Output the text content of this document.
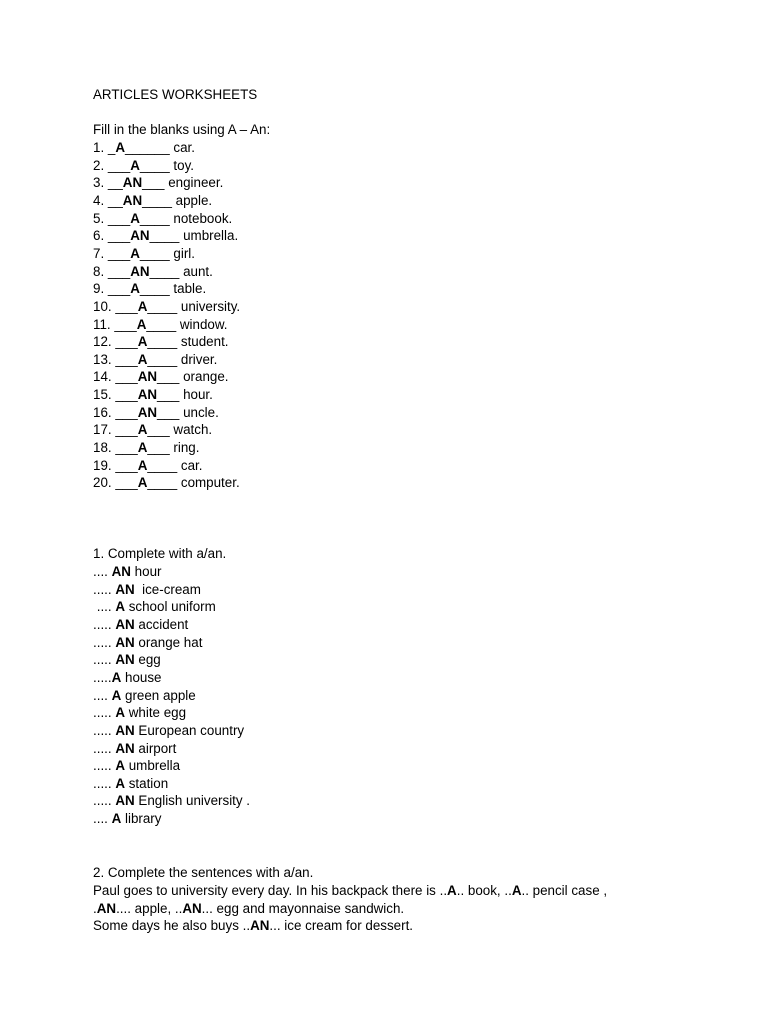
ARTICLES WORKSHEETS
Fill in the blanks using A – An:
1. _A______ car.
2. ___A____ toy.
3. __AN___ engineer.
4. __AN____ apple.
5. ___A____ notebook.
6. ___AN____ umbrella.
7. ___A____ girl.
8. ___AN____ aunt.
9. ___A____ table.
10. ___A____ university.
11. ___A____ window.
12. ___A____ student.
13. ___A____ driver.
14. ___AN___ orange.
15. ___AN___ hour.
16. ___AN___ uncle.
17. ___A___ watch.
18. ___A___ ring.
19. ___A____ car.
20. ___A____ computer.
1. Complete with a/an.
.... AN hour
..... AN  ice-cream
.... A school uniform
..... AN accident
..... AN orange hat
..... AN egg
.....A house
.... A green apple
..... A white egg
..... AN European country
..... AN airport
..... A umbrella
..... A station
..... AN English university .
.... A library
2. Complete the sentences with a/an.
Paul goes to university every day. In his backpack there is ..A.. book, ..A.. pencil case ,
.AN.... apple, ..AN... egg and mayonnaise sandwich.
Some days he also buys ..AN... ice cream for dessert.
